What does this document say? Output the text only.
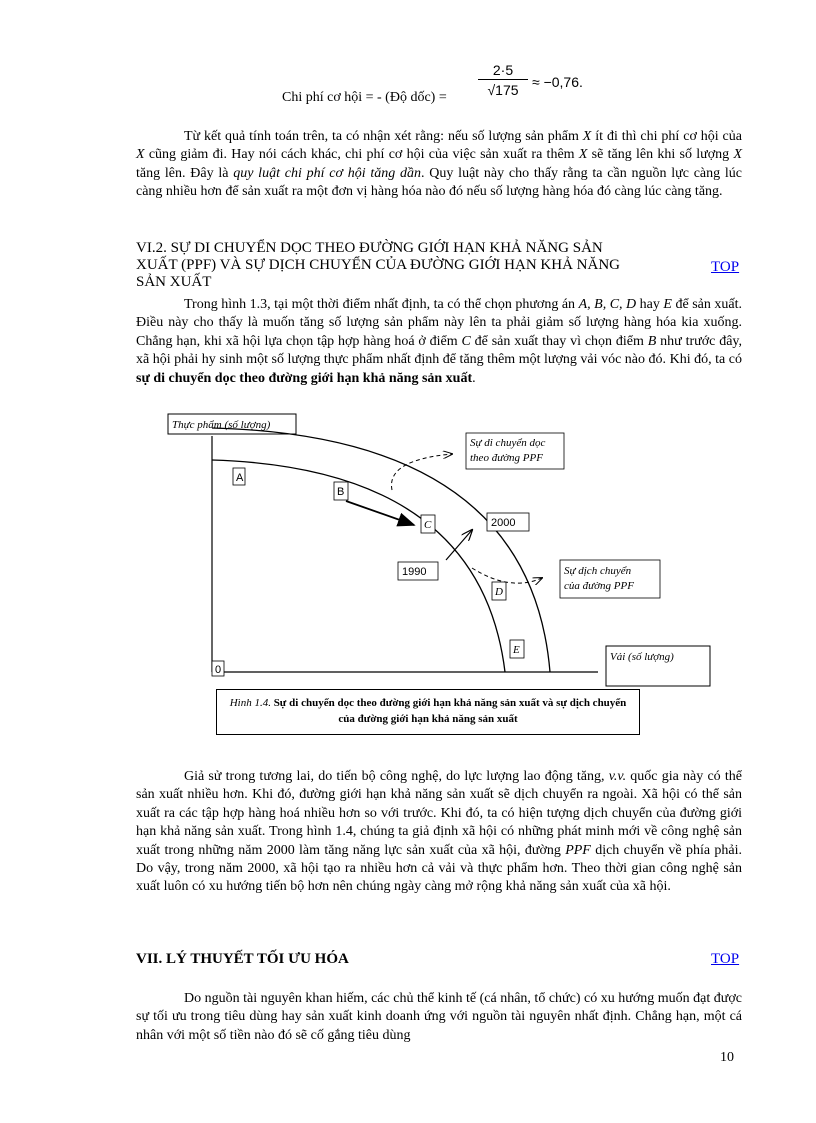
Chi phí cơ hội = - (Độ dốc) = $\frac{2\cdot 5}{√175} \approx -0,76$.

Từ kết quả tính toán trên, ta có nhận xét rằng: nếu số lượng sản phẩm X ít đi thì chi phí cơ hội của X cũng giảm đi. Hay nói cách khác, chi phí cơ hội của việc sản xuất ra thêm X sẽ tăng lên khi số lượng X tăng lên. Đây là quy luật chi phí cơ hội tăng dần. Quy luật này cho thấy rằng ta cần nguồn lực càng lúc càng nhiều hơn để sản xuất ra một đơn vị hàng hóa nào đó nếu số lượng hàng hóa đó càng lúc càng tăng.

VI.2. SỰ DI CHUYỂN DỌC THEO ĐƯỜNG GIỚI HẠN KHẢ NĂNG SẢN
XUẤT (PPF) VÀ SỰ DỊCH CHUYỂN CỦA ĐƯỜNG GIỚI HẠN KHẢ NĂNG
SẢN XUẤT

TOP

Trong hình 1.3, tại một thời điểm nhất định, ta có thể chọn phương án A, B, C, D hay E để sản xuất. Điều này cho thấy là muốn tăng số lượng sản phẩm này lên ta phải giảm số lượng hàng hóa kia xuống. Chẳng hạn, khi xã hội lựa chọn tập hợp hàng hoá ở điểm C để sản xuất thay vì chọn điểm B như trước đây, xã hội phải hy sinh một số lượng thực phẩm nhất định để tăng thêm một lượng vải vóc nào đó. Khi đó, ta có sự di chuyển dọc theo đường giới hạn khả năng sản xuất.

Thực phẩm (số lượng)
0
Vải (số lượng)
A
B
C
D
E
1990
2000
Sự di chuyển dọc theo đường PPF
Sự dịch chuyển của đường PPF
Hình 1.4. Sự di chuyển dọc theo đường giới hạn khả năng sản xuất và sự dịch chuyển của đường giới hạn khả năng sản xuất

Giả sử trong tương lai, do tiến bộ công nghệ, do lực lượng lao động tăng, v.v. quốc gia này có thể sản xuất nhiều hơn. Khi đó, đường giới hạn khả năng sản xuất sẽ dịch chuyển ra ngoài. Xã hội có thể sản xuất ra các tập hợp hàng hoá nhiều hơn so với trước. Khi đó, ta có hiện tượng dịch chuyển của đường giới hạn khả năng sản xuất. Trong hình 1.4, chúng ta giả định xã hội có những phát minh mới về công nghệ sản xuất trong những năm 2000 làm tăng năng lực sản xuất của xã hội, đường PPF dịch chuyển về phía phải. Do vậy, trong năm 2000, xã hội tạo ra nhiều hơn cả vải và thực phẩm hơn. Theo thời gian công nghệ sản xuất luôn có xu hướng tiến bộ hơn nên chúng ngày càng mở rộng khả năng sản xuất của xã hội.

VII. LÝ THUYẾT TỐI ƯU HÓA	TOP

Do nguồn tài nguyên khan hiếm, các chủ thể kinh tế (cá nhân, tổ chức) có xu hướng muốn đạt được sự tối ưu trong tiêu dùng hay sản xuất kinh doanh ứng với nguồn tài nguyên nhất định. Chẳng hạn, một cá nhân với một số tiền nào đó sẽ cố gắng tiêu dùng

10
